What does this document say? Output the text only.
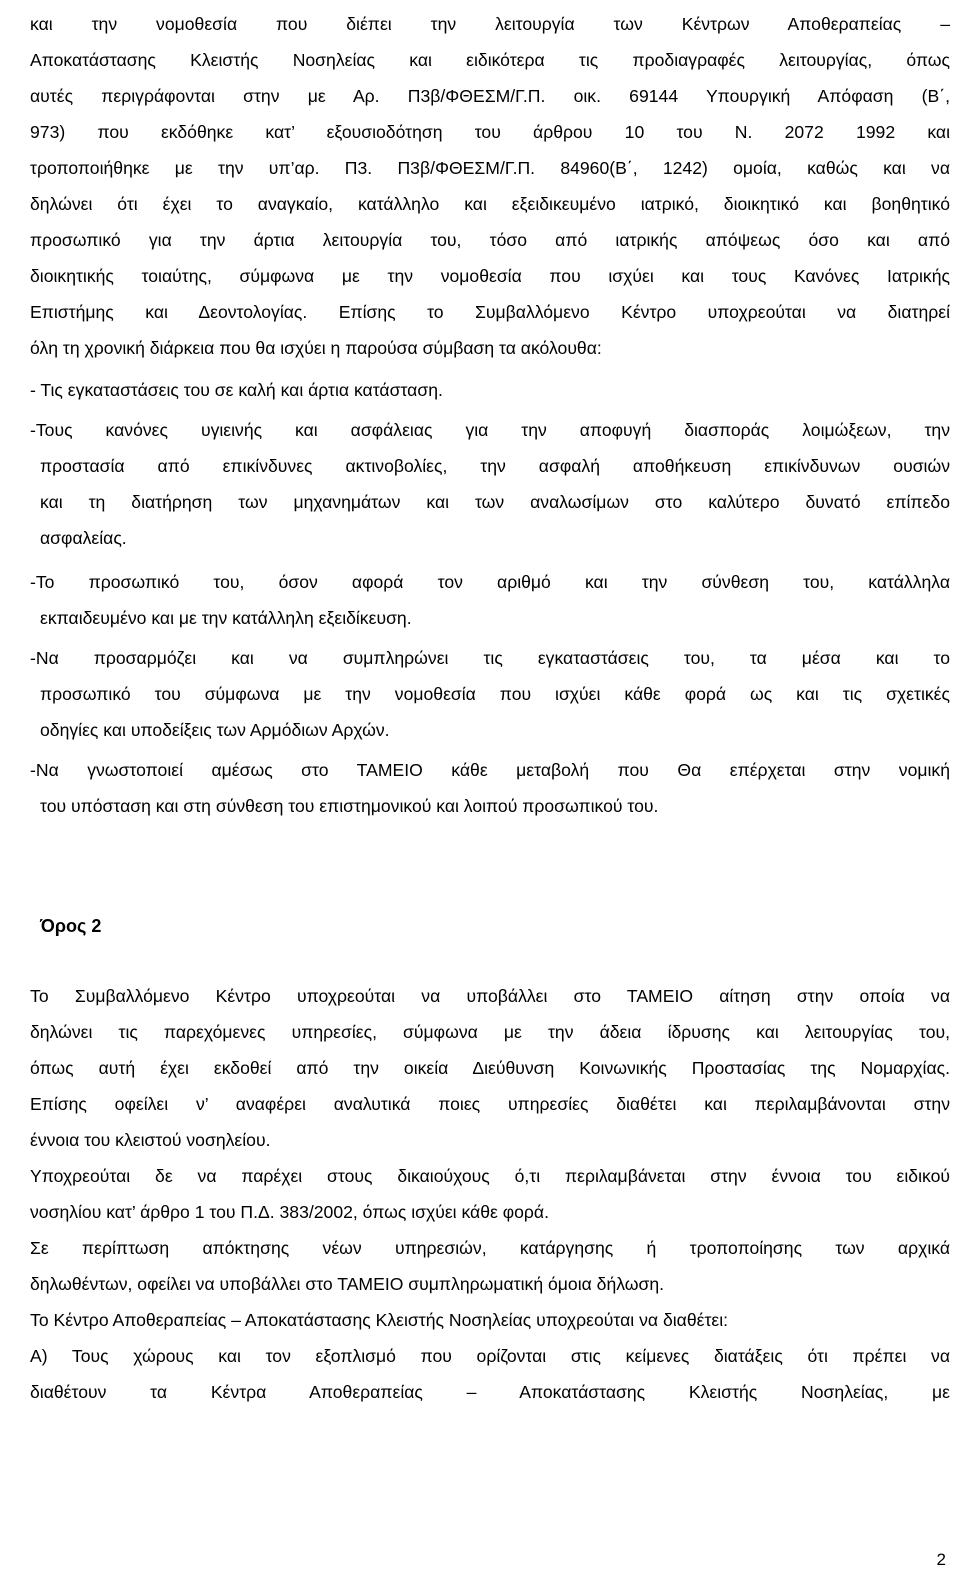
και την νομοθεσία που διέπει την λειτουργία των Κέντρων Αποθεραπείας –
Αποκατάστασης Κλειστής Νοσηλείας και ειδικότερα τις προδιαγραφές λειτουργίας, όπως
αυτές περιγράφονται στην με Αρ. Π3β/ΦΘΕΣΜ/Γ.Π. οικ. 69144 Υπουργική Απόφαση (Β΄,
973) που εκδόθηκε κατ’ εξουσιοδότηση του άρθρου 10 του Ν. 2072 1992 και
τροποποιήθηκε με την υπ’αρ. Π3. Π3β/ΦΘΕΣΜ/Γ.Π. 84960(Β΄, 1242) ομοία, καθώς και να
δηλώνει ότι έχει το αναγκαίο, κατάλληλο και εξειδικευμένο ιατρικό, διοικητικό και βοηθητικό
προσωπικό για την άρτια λειτουργία του, τόσο από ιατρικής απόψεως όσο και από
διοικητικής τοιαύτης, σύμφωνα με την νομοθεσία που ισχύει και τους Κανόνες Ιατρικής
Επιστήμης και Δεοντολογίας. Επίσης το Συμβαλλόμενο Κέντρο υποχρεούται να διατηρεί
όλη τη χρονική διάρκεια που θα ισχύει η παρούσα σύμβαση τα ακόλουθα:
- Τις εγκαταστάσεις του σε καλή και άρτια κατάσταση.
-Τους κανόνες υγιεινής και ασφάλειας για την αποφυγή διασποράς λοιμώξεων, την
προστασία από επικίνδυνες ακτινοβολίες, την ασφαλή αποθήκευση επικίνδυνων ουσιών
και τη διατήρηση των μηχανημάτων και των αναλωσίμων στο καλύτερο δυνατό επίπεδο
ασφαλείας.
-Το προσωπικό του, όσον αφορά τον αριθμό και την σύνθεση του, κατάλληλα
εκπαιδευμένο και με την κατάλληλη εξειδίκευση.
-Να προσαρμόζει και να συμπληρώνει τις εγκαταστάσεις του, τα μέσα και το
προσωπικό του σύμφωνα με την νομοθεσία που ισχύει κάθε φορά ως και τις σχετικές
οδηγίες και υποδείξεις των Αρμόδιων Αρχών.
-Να γνωστοποιεί αμέσως στο ΤΑΜΕΙΟ κάθε μεταβολή που Θα επέρχεται στην νομική
του υπόσταση και στη σύνθεση του επιστημονικού και λοιπού προσωπικού του.
Όρος 2
Το Συμβαλλόμενο Κέντρο υποχρεούται να υποβάλλει στο ΤΑΜΕΙΟ αίτηση στην οποία να
δηλώνει τις παρεχόμενες υπηρεσίες, σύμφωνα με την άδεια ίδρυσης και λειτουργίας του,
όπως αυτή έχει εκδοθεί από την οικεία Διεύθυνση Κοινωνικής Προστασίας της Νομαρχίας.
Επίσης οφείλει ν’ αναφέρει αναλυτικά ποιες υπηρεσίες διαθέτει και περιλαμβάνονται στην
έννοια του κλειστού νοσηλείου.
Υποχρεούται δε να παρέχει στους δικαιούχους ό,τι περιλαμβάνεται στην έννοια του ειδικού
νοσηλίου κατ’ άρθρο 1 του Π.Δ. 383/2002, όπως ισχύει κάθε φορά.
Σε περίπτωση απόκτησης νέων υπηρεσιών, κατάργησης ή τροποποίησης των αρχικά
δηλωθέντων, οφείλει να υποβάλλει στο ΤΑΜΕΙΟ συμπληρωματική όμοια δήλωση.
Το Κέντρο Αποθεραπείας – Αποκατάστασης Κλειστής Νοσηλείας υποχρεούται να διαθέτει:
Α) Τους χώρους και τον εξοπλισμό που ορίζονται στις κείμενες διατάξεις ότι πρέπει να
διαθέτουν τα Κέντρα Αποθεραπείας – Αποκατάστασης Κλειστής Νοσηλείας, με
2
